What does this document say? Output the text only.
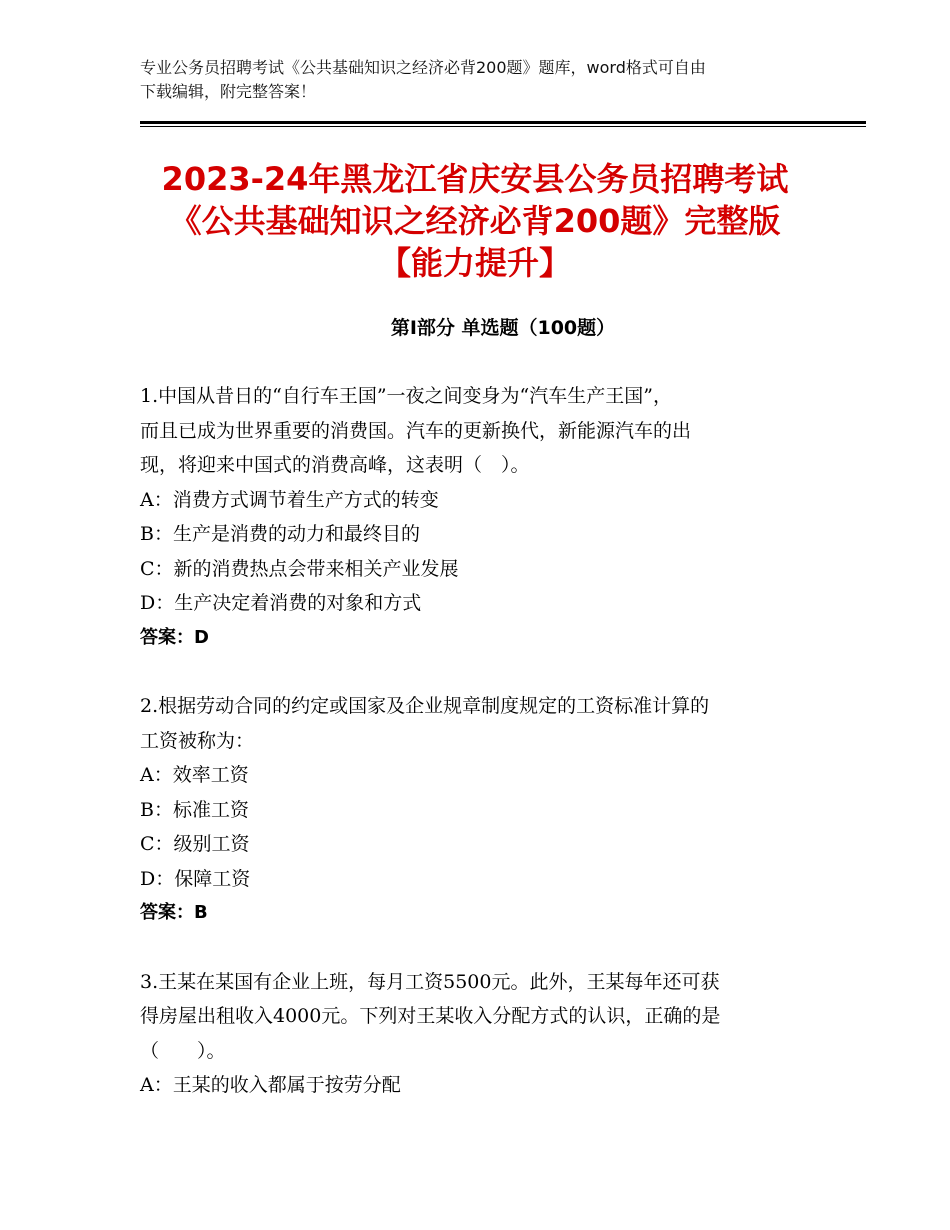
专业公务员招聘考试《公共基础知识之经济必背200题》题库，word格式可自由
下载编辑，附完整答案！
2023-24年黑龙江省庆安县公务员招聘考试
《公共基础知识之经济必背200题》完整版
【能力提升】
第I部分 单选题（100题）

1.中国从昔日的“自行车王国”一夜之间变身为“汽车生产王国”，

而且已成为世界重要的消费国。汽车的更新换代，新能源汽车的出

现，将迎来中国式的消费高峰，这表明（　）。

A：消费方式调节着生产方式的转变

B：生产是消费的动力和最终目的

C：新的消费热点会带来相关产业发展

D：生产决定着消费的对象和方式

答案：D

2.根据劳动合同的约定或国家及企业规章制度规定的工资标准计算的

工资被称为：

A：效率工资

B：标准工资

C：级别工资

D：保障工资

答案：B

3.王某在某国有企业上班，每月工资5500元。此外，王某每年还可获

得房屋出租收入4000元。下列对王某收入分配方式的认识，正确的是

（　　）。

A：王某的收入都属于按劳分配
